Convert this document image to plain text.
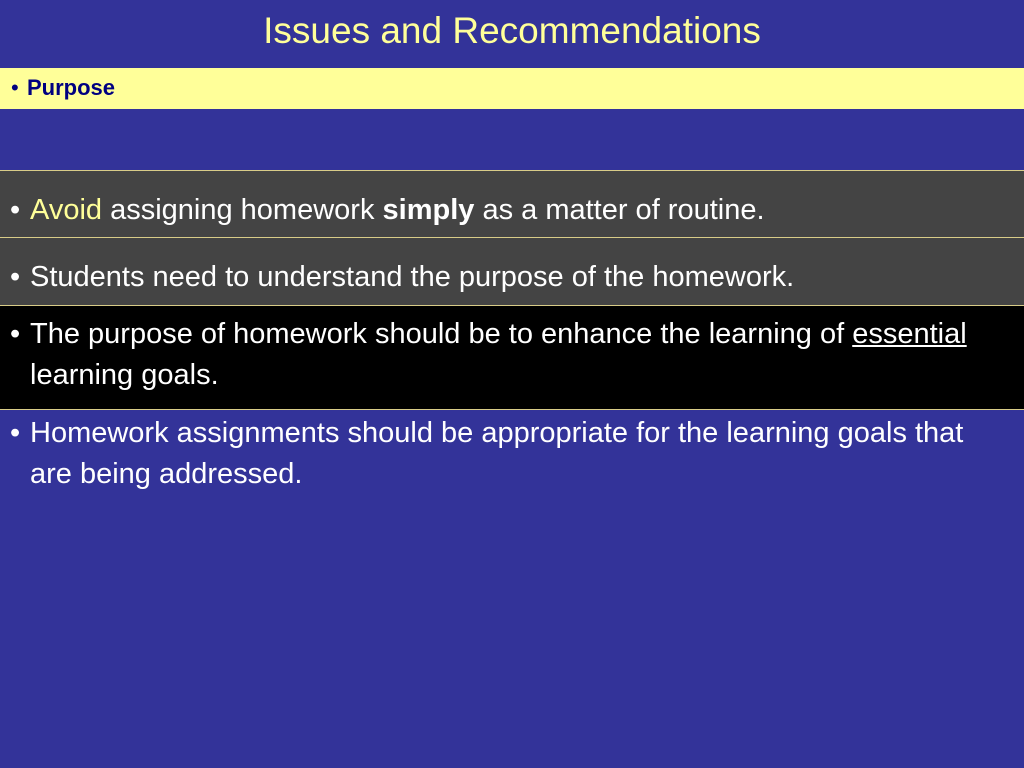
Issues and Recommendations
• Purpose
• Avoid assigning homework simply as a matter of routine.
• Students need to understand the purpose of the homework.
• The purpose of homework should be to enhance the learning of essential learning goals.
• Homework assignments should be appropriate for the learning goals that are being addressed.
